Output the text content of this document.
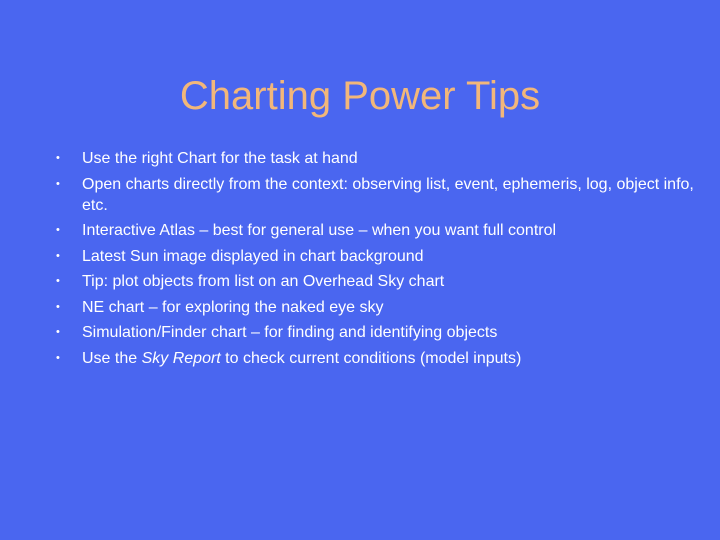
Charting Power Tips
•	Use the right Chart for the task at hand
•	Open charts directly from the context: observing list, event, ephemeris, log, object info, etc.
•	Interactive Atlas – best for general use – when you want full control
•	Latest Sun image displayed in chart background
•	Tip: plot objects from list on an Overhead Sky chart
•	NE chart – for exploring the naked eye sky
•	Simulation/Finder chart – for finding and identifying objects
•	Use the Sky Report to check current conditions (model inputs)
